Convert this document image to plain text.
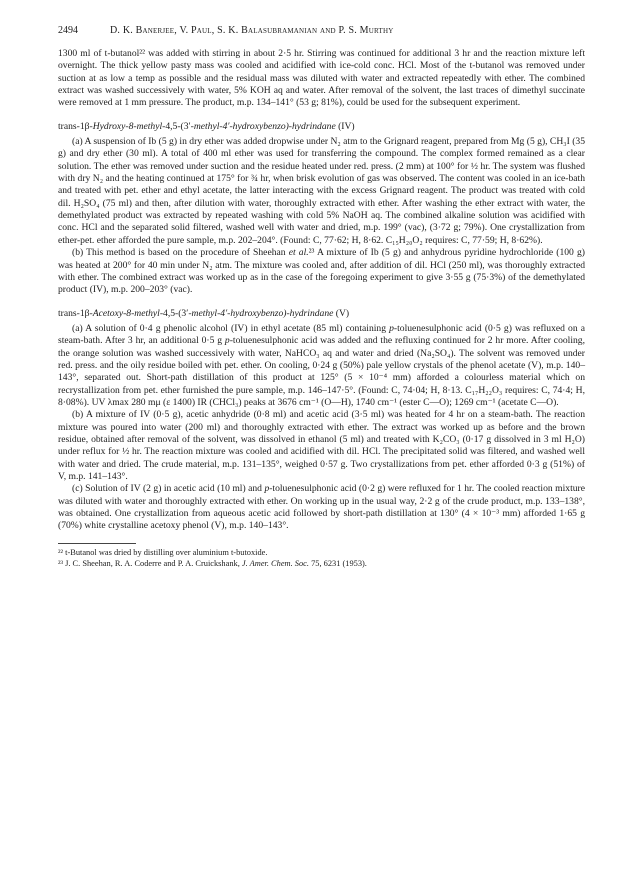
2494	D. K. Banerjee, V. Paul, S. K. Balasubramanian and P. S. Murthy

1300 ml of t-butanol²² was added with stirring in about 2·5 hr. Stirring was continued for additional 3 hr and the reaction mixture left overnight. The thick yellow pasty mass was cooled and acidified with ice-cold conc. HCl. Most of the t-butanol was removed under suction at as low a temp as possible and the residual mass was diluted with water and extracted repeatedly with ether. The combined extract was washed successively with water, 5% KOH aq and water. After removal of the solvent, the last traces of dimethyl succinate were removed at 1 mm pressure. The product, m.p. 134–141° (53 g; 81%), could be used for the subsequent experiment.

trans-1β-Hydroxy-8-methyl-4,5-(3′-methyl-4′-hydroxybenzo)-hydrindane (IV)

(a) A suspension of Ib (5 g) in dry ether was added dropwise under N₂ atm to the Grignard reagent, prepared from Mg (5 g), CH₃I (35 g) and dry ether (30 ml). A total of 400 ml ether was used for transferring the compound. The complex formed remained as a clear solution. The ether was removed under suction and the residue heated under red. press. (2 mm) at 100° for ½ hr. The system was flushed with dry N₂ and the heating continued at 175° for ¾ hr, when brisk evolution of gas was observed. The content was cooled in an ice-bath and treated with pet. ether and ethyl acetate, the latter interacting with the excess Grignard reagent. The product was treated with cold dil. H₂SO₄ (75 ml) and then, after dilution with water, thoroughly extracted with ether. After washing the ether extract with water, the demethylated product was extracted by repeated washing with cold 5% NaOH aq. The combined alkaline solution was acidified with conc. HCl and the separated solid filtered, washed well with water and dried, m.p. 199° (vac), (3·72 g; 79%). One crystallization from ether-pet. ether afforded the pure sample, m.p. 202–204°. (Found: C, 77·62; H, 8·62. C₁₅H₂₀O₂ requires: C, 77·59; H, 8·62%).

(b) This method is based on the procedure of Sheehan et al.²³ A mixture of Ib (5 g) and anhydrous pyridine hydrochloride (100 g) was heated at 200° for 40 min under N₂ atm. The mixture was cooled and, after addition of dil. HCl (250 ml), was thoroughly extracted with ether. The combined extract was worked up as in the case of the foregoing experiment to give 3·55 g (75·3%) of the demethylated product (IV), m.p. 200–203° (vac).

trans-1β-Acetoxy-8-methyl-4,5-(3′-methyl-4′-hydroxybenzo)-hydrindane (V)

(a) A solution of 0·4 g phenolic alcohol (IV) in ethyl acetate (85 ml) containing p-toluenesulphonic acid (0·5 g) was refluxed on a steam-bath. After 3 hr, an additional 0·5 g p-toluenesulphonic acid was added and the refluxing continued for 2 hr more. After cooling, the orange solution was washed successively with water, NaHCO₃ aq and water and dried (Na₂SO₄). The solvent was removed under red. press. and the oily residue boiled with pet. ether. On cooling, 0·24 g (50%) pale yellow crystals of the phenol acetate (V), m.p. 140–143°, separated out. Short-path distillation of this product at 125° (5 × 10⁻⁴ mm) afforded a colourless material which on recrystallization from pet. ether furnished the pure sample, m.p. 146–147·5°. (Found: C, 74·04; H, 8·13. C₁₇H₂₂O₃ requires: C, 74·4; H, 8·08%). UV λmax 280 mμ (ε 1400) IR (CHCl₃) peaks at 3676 cm⁻¹ (O—H), 1740 cm⁻¹ (ester C—O); 1269 cm⁻¹ (acetate C—O).

(b) A mixture of IV (0·5 g), acetic anhydride (0·8 ml) and acetic acid (3·5 ml) was heated for 4 hr on a steam-bath. The reaction mixture was poured into water (200 ml) and thoroughly extracted with ether. The extract was worked up as before and the brown residue, obtained after removal of the solvent, was dissolved in ethanol (5 ml) and treated with K₂CO₃ (0·17 g dissolved in 3 ml H₂O) under reflux for ½ hr. The reaction mixture was cooled and acidified with dil. HCl. The precipitated solid was filtered, and washed well with water and dried. The crude material, m.p. 131–135°, weighed 0·57 g. Two crystallizations from pet. ether afforded 0·3 g (51%) of V, m.p. 141–143°.

(c) Solution of IV (2 g) in acetic acid (10 ml) and p-toluenesulphonic acid (0·2 g) were refluxed for 1 hr. The cooled reaction mixture was diluted with water and thoroughly extracted with ether. On working up in the usual way, 2·2 g of the crude product, m.p. 133–138°, was obtained. One crystallization from aqueous acetic acid followed by short-path distillation at 130° (4 × 10⁻³ mm) afforded 1·65 g (70%) white crystalline acetoxy phenol (V), m.p. 140–143°.

²² t-Butanol was dried by distilling over aluminium t-butoxide.

²³ J. C. Sheehan, R. A. Coderre and P. A. Cruickshank, J. Amer. Chem. Soc. 75, 6231 (1953).
